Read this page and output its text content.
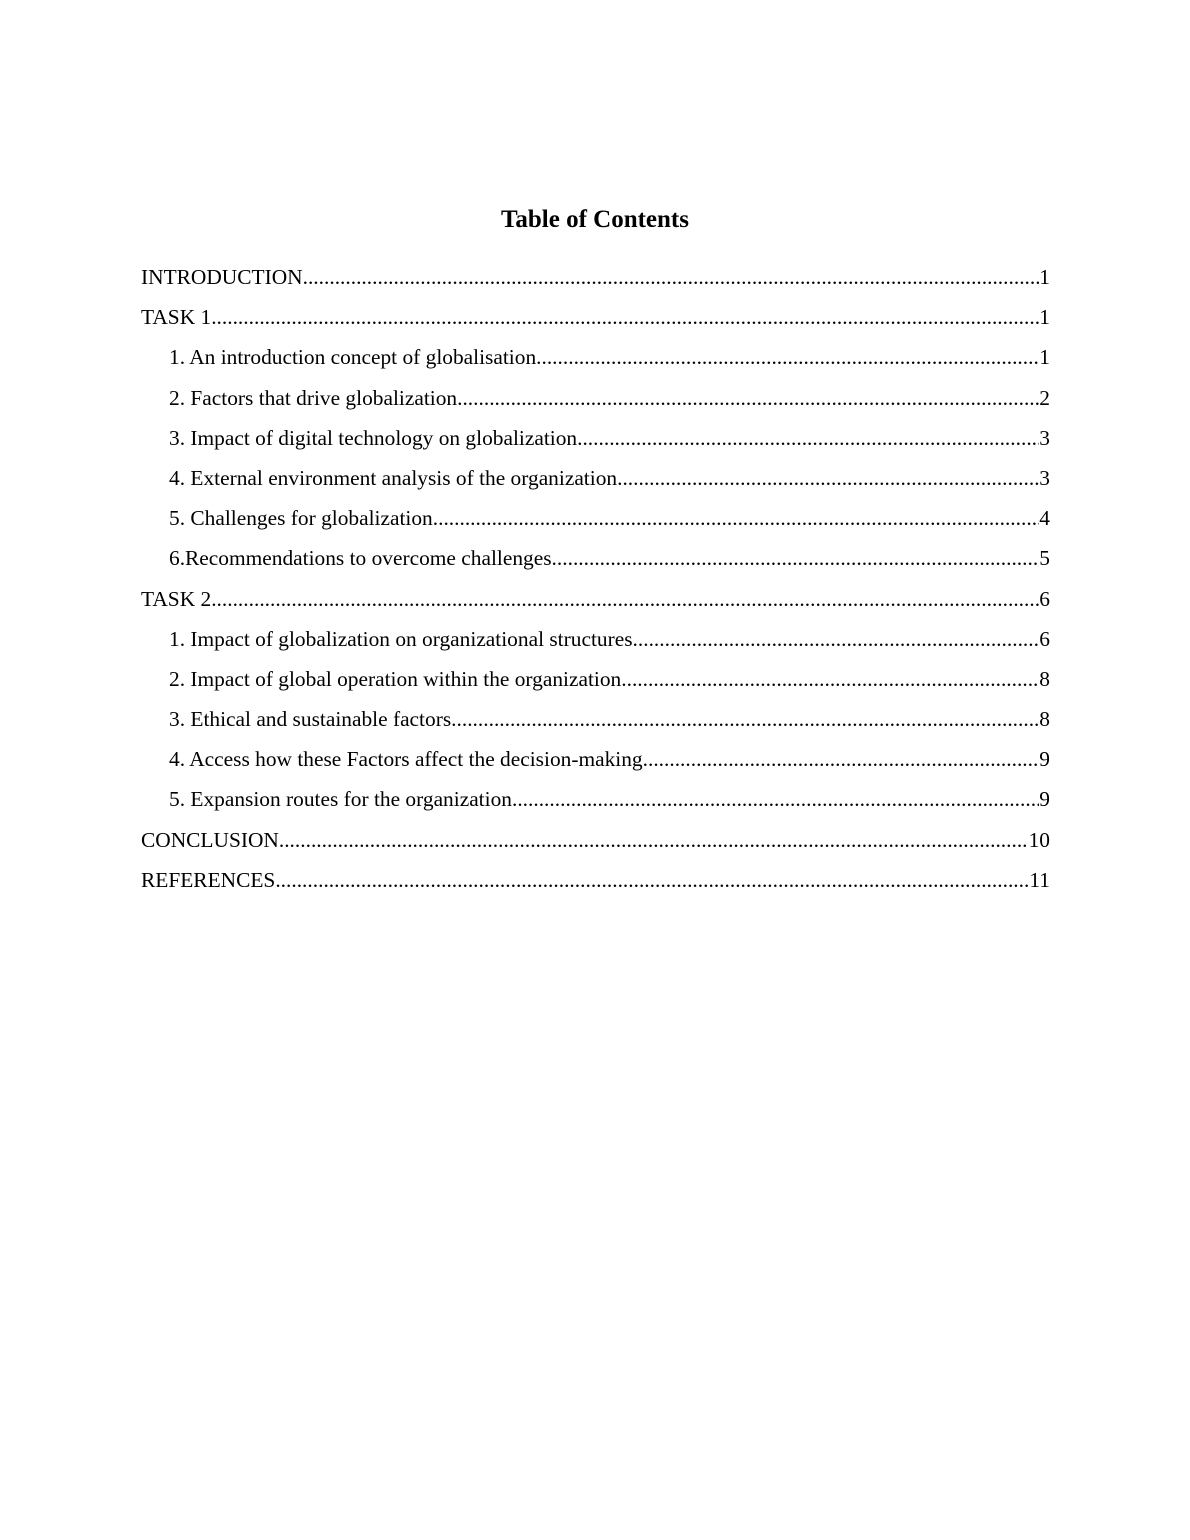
Table of Contents
INTRODUCTION .....	1
TASK 1 .....	1
1. An introduction concept of globalisation .....	1
2. Factors that drive globalization .....	2
3. Impact of digital technology on globalization .....	3
4. External environment analysis of the organization .....	3
5. Challenges for globalization .....	4
6.Recommendations to overcome challenges .....	5
TASK 2 .....	6
1. Impact of globalization on organizational structures .....	6
2. Impact of global operation within the organization .....	8
3. Ethical and sustainable factors .....	8
4. Access how these Factors affect the decision-making .....	9
5. Expansion routes for the organization .....	9
CONCLUSION .....	10
REFERENCES .....	11
